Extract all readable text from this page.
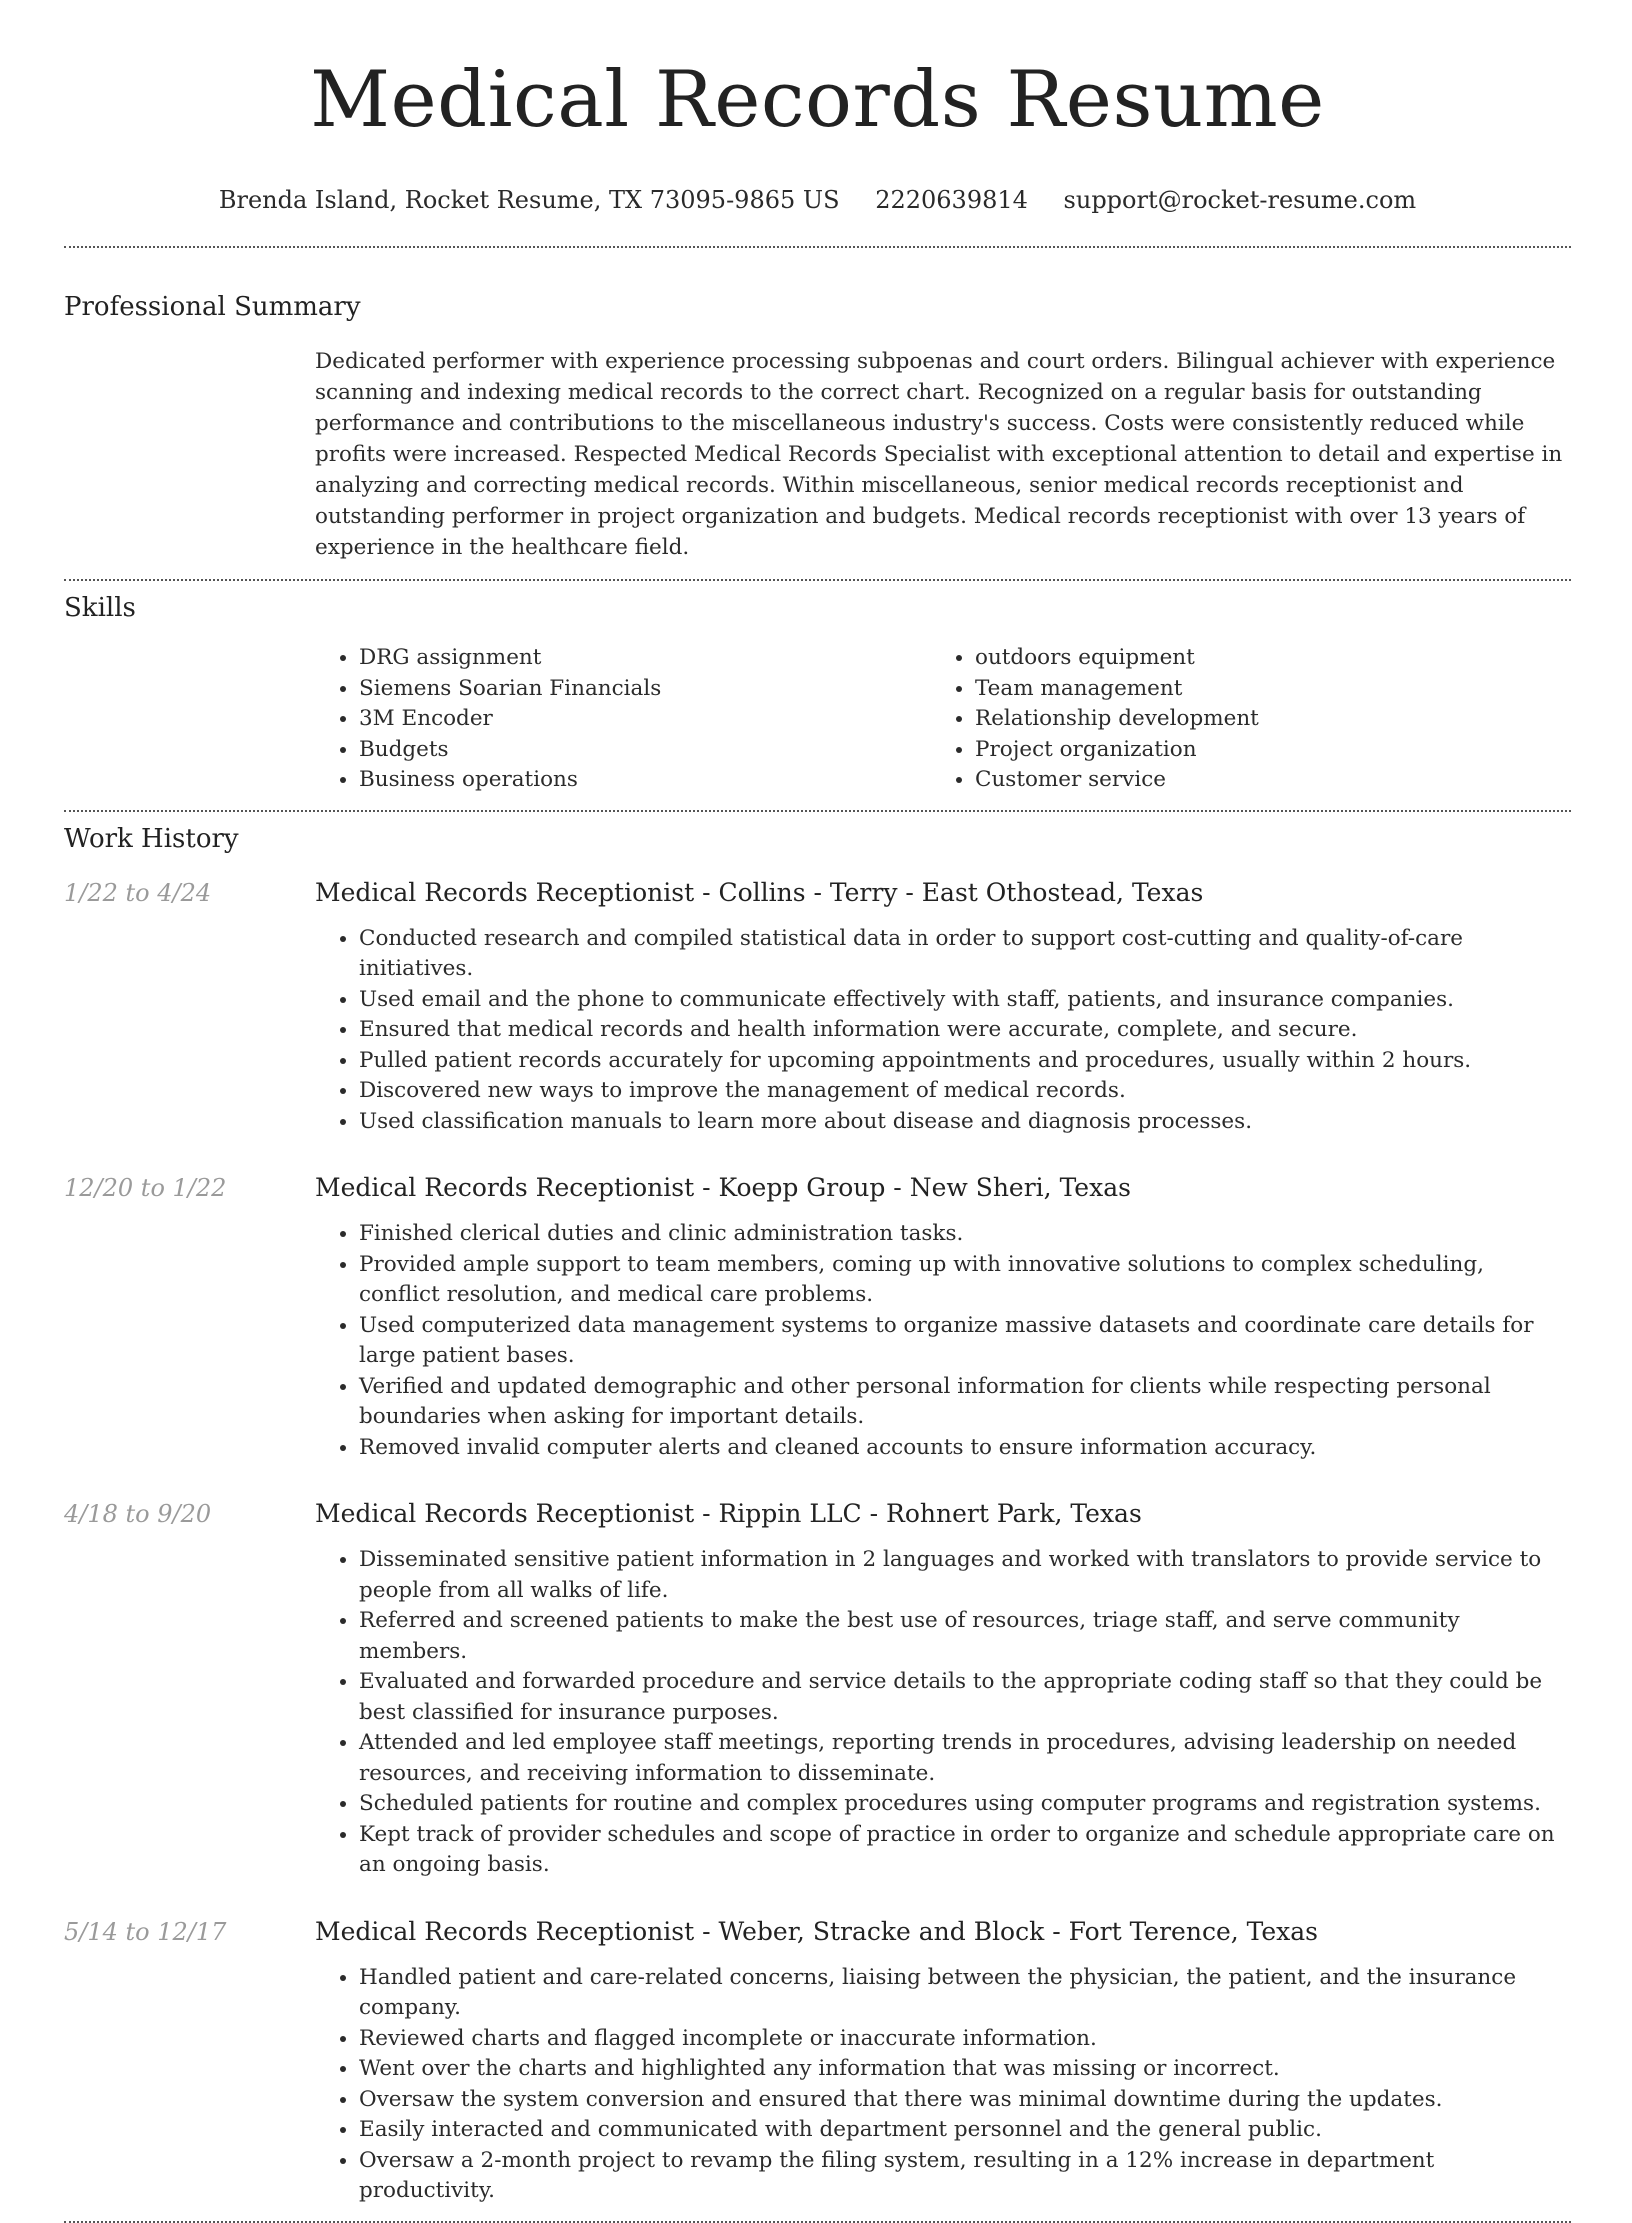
Medical Records Resume
Brenda Island, Rocket Resume, TX 73095-9865 US 2220639814 support@rocket-resume.com
Professional Summary
Dedicated performer with experience processing subpoenas and court orders. Bilingual achiever with experience scanning and indexing medical records to the correct chart. Recognized on a regular basis for outstanding performance and contributions to the miscellaneous industry's success. Costs were consistently reduced while profits were increased. Respected Medical Records Specialist with exceptional attention to detail and expertise in analyzing and correcting medical records. Within miscellaneous, senior medical records receptionist and outstanding performer in project organization and budgets. Medical records receptionist with over 13 years of experience in the healthcare field.
Skills
• DRG assignment
• Siemens Soarian Financials
• 3M Encoder
• Budgets
• Business operations
• outdoors equipment
• Team management
• Relationship development
• Project organization
• Customer service
Work History
1/22 to 4/24	Medical Records Receptionist - Collins - Terry - East Othostead, Texas
• Conducted research and compiled statistical data in order to support cost-cutting and quality-of-care initiatives.
• Used email and the phone to communicate effectively with staff, patients, and insurance companies.
• Ensured that medical records and health information were accurate, complete, and secure.
• Pulled patient records accurately for upcoming appointments and procedures, usually within 2 hours.
• Discovered new ways to improve the management of medical records.
• Used classification manuals to learn more about disease and diagnosis processes.
12/20 to 1/22	Medical Records Receptionist - Koepp Group - New Sheri, Texas
• Finished clerical duties and clinic administration tasks.
• Provided ample support to team members, coming up with innovative solutions to complex scheduling, conflict resolution, and medical care problems.
• Used computerized data management systems to organize massive datasets and coordinate care details for large patient bases.
• Verified and updated demographic and other personal information for clients while respecting personal boundaries when asking for important details.
• Removed invalid computer alerts and cleaned accounts to ensure information accuracy.
4/18 to 9/20	Medical Records Receptionist - Rippin LLC - Rohnert Park, Texas
• Disseminated sensitive patient information in 2 languages and worked with translators to provide service to people from all walks of life.
• Referred and screened patients to make the best use of resources, triage staff, and serve community members.
• Evaluated and forwarded procedure and service details to the appropriate coding staff so that they could be best classified for insurance purposes.
• Attended and led employee staff meetings, reporting trends in procedures, advising leadership on needed resources, and receiving information to disseminate.
• Scheduled patients for routine and complex procedures using computer programs and registration systems.
• Kept track of provider schedules and scope of practice in order to organize and schedule appropriate care on an ongoing basis.
5/14 to 12/17	Medical Records Receptionist - Weber, Stracke and Block - Fort Terence, Texas
• Handled patient and care-related concerns, liaising between the physician, the patient, and the insurance company.
• Reviewed charts and flagged incomplete or inaccurate information.
• Went over the charts and highlighted any information that was missing or incorrect.
• Oversaw the system conversion and ensured that there was minimal downtime during the updates.
• Easily interacted and communicated with department personnel and the general public.
• Oversaw a 2-month project to revamp the filing system, resulting in a 12% increase in department productivity.
